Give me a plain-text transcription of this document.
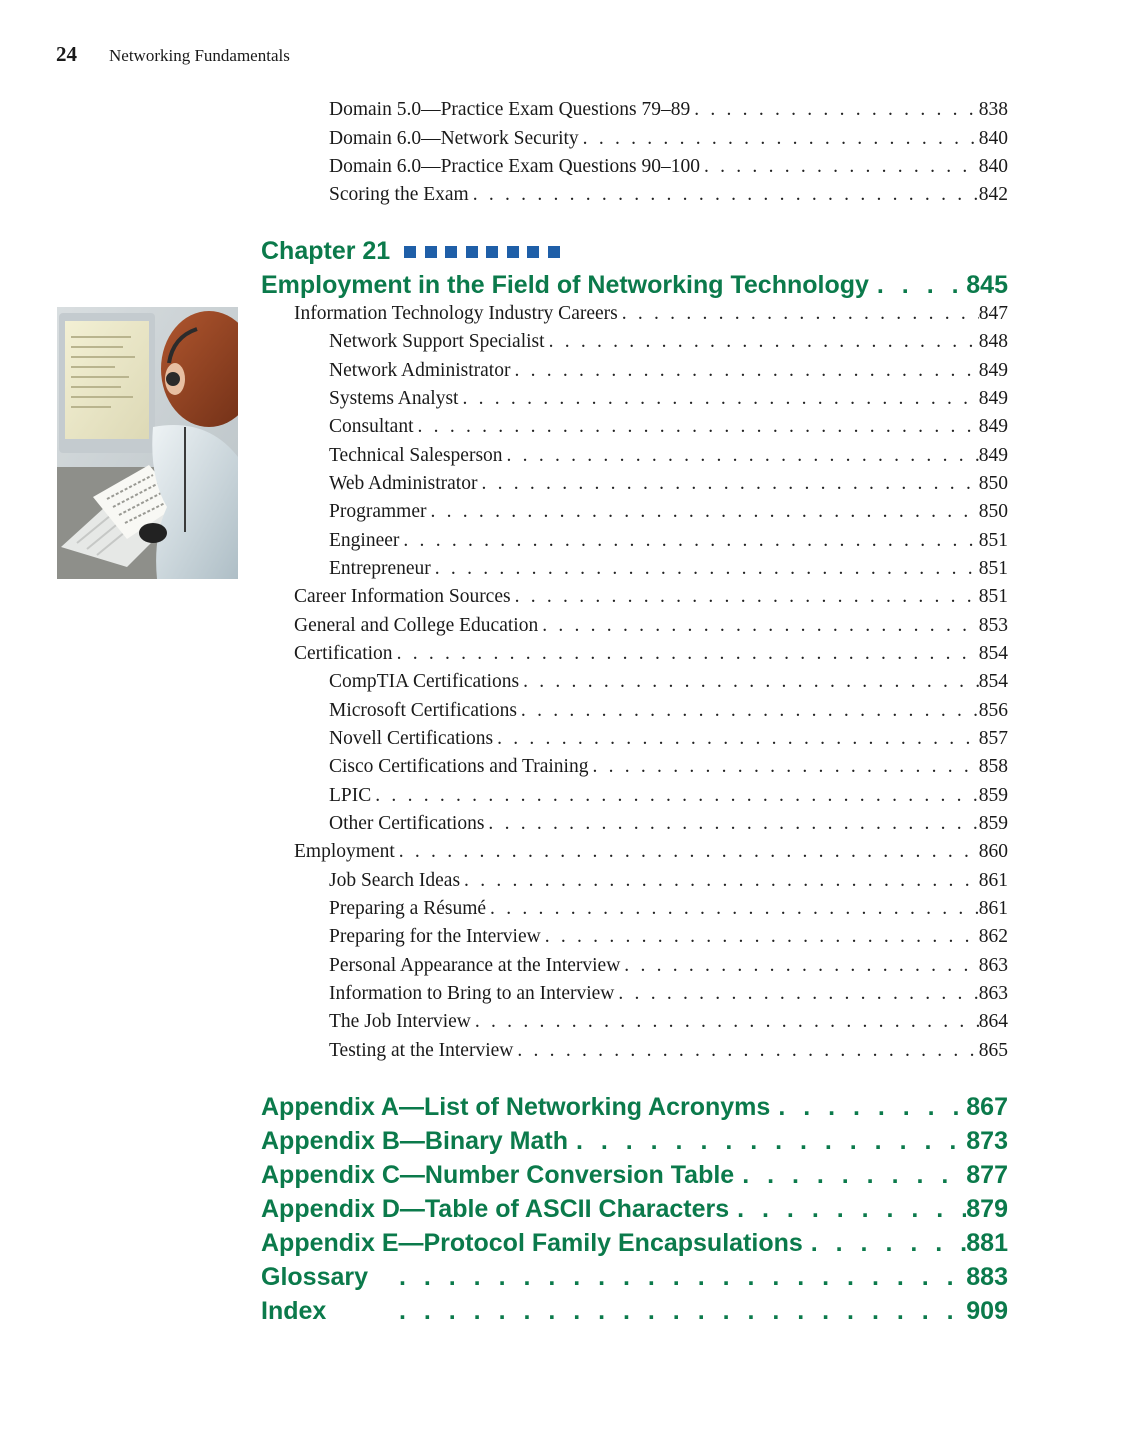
24 Networking Fundamentals
Domain 5.0—Practice Exam Questions 79–89 . . .	838
Domain 6.0—Network Security . . .	840
Domain 6.0—Practice Exam Questions 90–100 . . .	840
Scoring the Exam . . .	842
Chapter 21
Employment in the Field of Networking Technology . . .	845
Information Technology Industry Careers . . .	847
Network Support Specialist . . .	848
Network Administrator . . .	849
Systems Analyst . . .	849
Consultant . . .	849
Technical Salesperson . . .	849
Web Administrator . . .	850
Programmer . . .	850
Engineer . . .	851
Entrepreneur . . .	851
Career Information Sources . . .	851
General and College Education . . .	853
Certification . . .	854
CompTIA Certifications . . .	854
Microsoft Certifications . . .	856
Novell Certifications . . .	857
Cisco Certifications and Training . . .	858
LPIC . . .	859
Other Certifications . . .	859
Employment . . .	860
Job Search Ideas . . .	861
Preparing a Résumé . . .	861
Preparing for the Interview . . .	862
Personal Appearance at the Interview . . .	863
Information to Bring to an Interview . . .	863
The Job Interview . . .	864
Testing at the Interview . . .	865
Appendix A—List of Networking Acronyms . . .	867
Appendix B—Binary Math . . .	873
Appendix C—Number Conversion Table . . .	877
Appendix D—Table of ASCII Characters . . .	879
Appendix E—Protocol Family Encapsulations . . .	881
Glossary . . .	883
Index . . .	909
